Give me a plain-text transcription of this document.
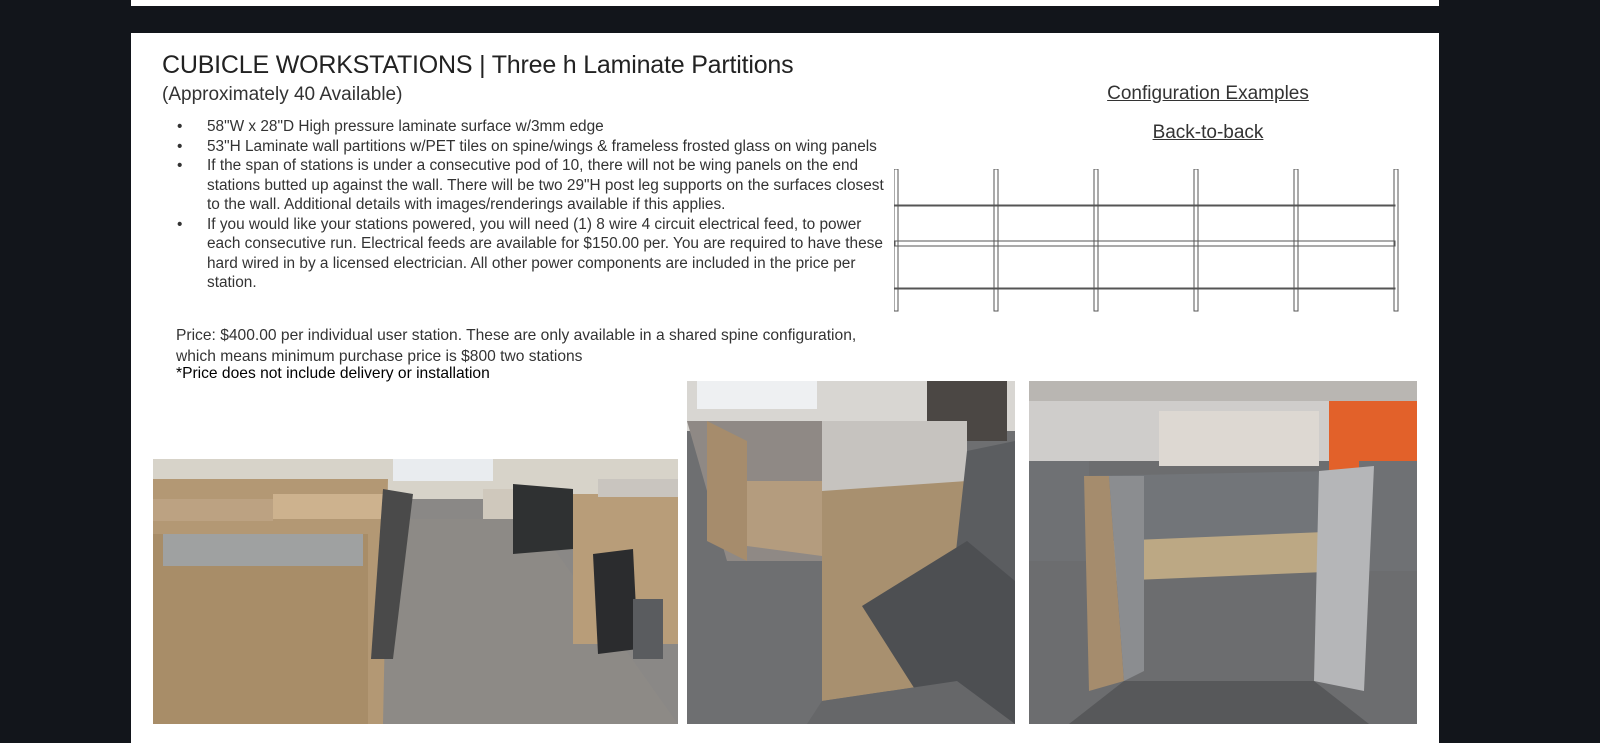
CUBICLE WORKSTATIONS | Three h Laminate Partitions
(Approximately 40 Available)
• 58"W x 28"D High pressure laminate surface w/3mm edge
• 53"H Laminate wall partitions w/PET tiles on spine/wings & frameless frosted glass on wing panels
• If the span of stations is under a consecutive pod of 10, there will not be wing panels on the end stations butted up against the wall. There will be two 29"H post leg supports on the surfaces closest to the wall. Additional details with images/renderings available if this applies.
• If you would like your stations powered, you will need (1) 8 wire 4 circuit electrical feed, to power each consecutive run. Electrical feeds are available for $150.00 per. You are required to have these hard wired in by a licensed electrician. All other power components are included in the price per station.
Price: $400.00 per individual user station. These are only available in a shared spine configuration, which means minimum purchase price is $800 two stations
*Price does not include delivery or installation
Configuration Examples
Back-to-back
